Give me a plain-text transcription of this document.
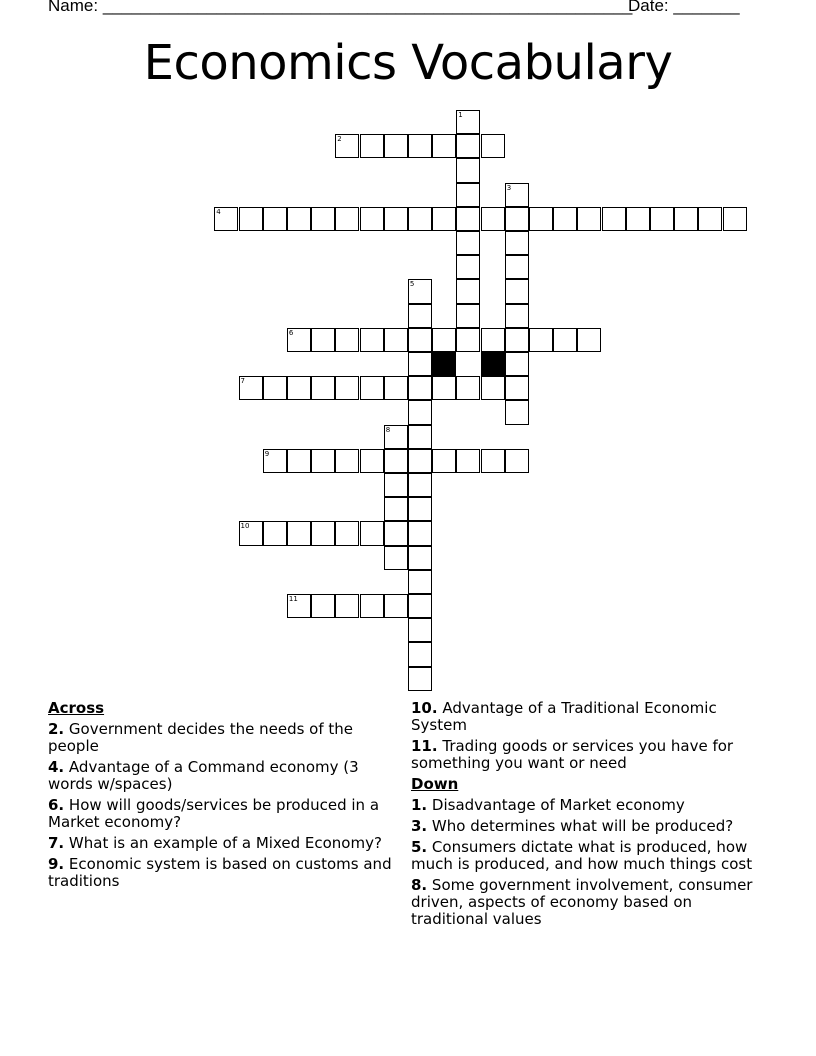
Name: ________________________________________________________
Date: _______
Economics Vocabulary
1
2
3
4
5
6
7
8
9
10
11
Across
2. Government decides the needs of the people
4. Advantage of a Command economy (3 words w/spaces)
6. How will goods/services be produced in a Market economy?
7. What is an example of a Mixed Economy?
9. Economic system is based on customs and traditions
10. Advantage of a Traditional Economic System
11. Trading goods or services you have for something you want or need
Down
1. Disadvantage of Market economy
3. Who determines what will be produced?
5. Consumers dictate what is produced, how much is produced, and how much things cost
8. Some government involvement, consumer driven, aspects of economy based on traditional values
